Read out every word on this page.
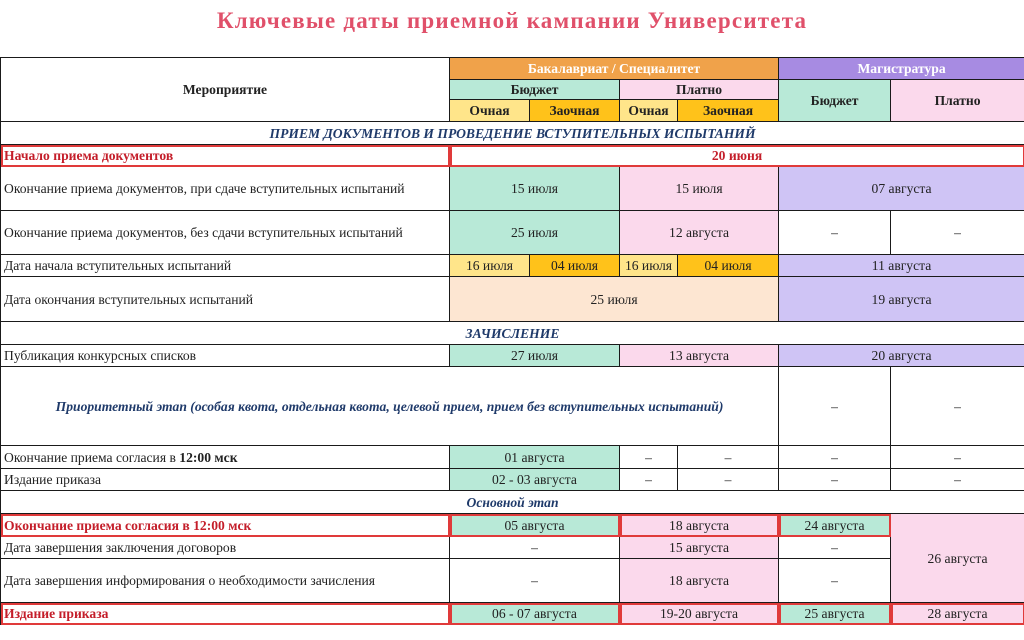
Ключевые даты приемной кампании Университета
Мероприятие	Бакалавриат / Специалитет				Магистратура	
	Бюджет		Платно		Бюджет	Платно
	Очная	Заочная	Очная	Заочная		
ПРИЕМ ДОКУМЕНТОВ И ПРОВЕДЕНИЕ ВСТУПИТЕЛЬНЫХ ИСПЫТАНИЙ						
Начало приема документов	20 июня					
Окончание приема документов, при сдаче вступительных испытаний	15 июля		15 июля		07 августа	
Окончание приема документов, без сдачи вступительных испытаний	25 июля		12 августа		–	–
Дата начала вступительных испытаний	16 июля	04 июля	16 июля	04 июля	11 августа	
Дата окончания вступительных испытаний	25 июля				19 августа	
ЗАЧИСЛЕНИЕ						
Публикация конкурсных списков	27 июля		13 августа		20 августа	
Приоритетный этап (особая квота, отдельная квота, целевой прием, прием без вступительных испытаний)					–	–
Окончание приема согласия в 12:00 мск	01 августа		–	–	–	–
Издание приказа	02 - 03 августа		–	–	–	–
Основной этап						
Окончание приема согласия в 12:00 мск	05 августа		18 августа		24 августа	26 августа
Дата завершения заключения договоров	–		15 августа		–	
Дата завершения информирования о необходимости зачисления	–		18 августа		–	
Издание приказа	06 - 07 августа		19-20 августа		25 августа	28 августа
